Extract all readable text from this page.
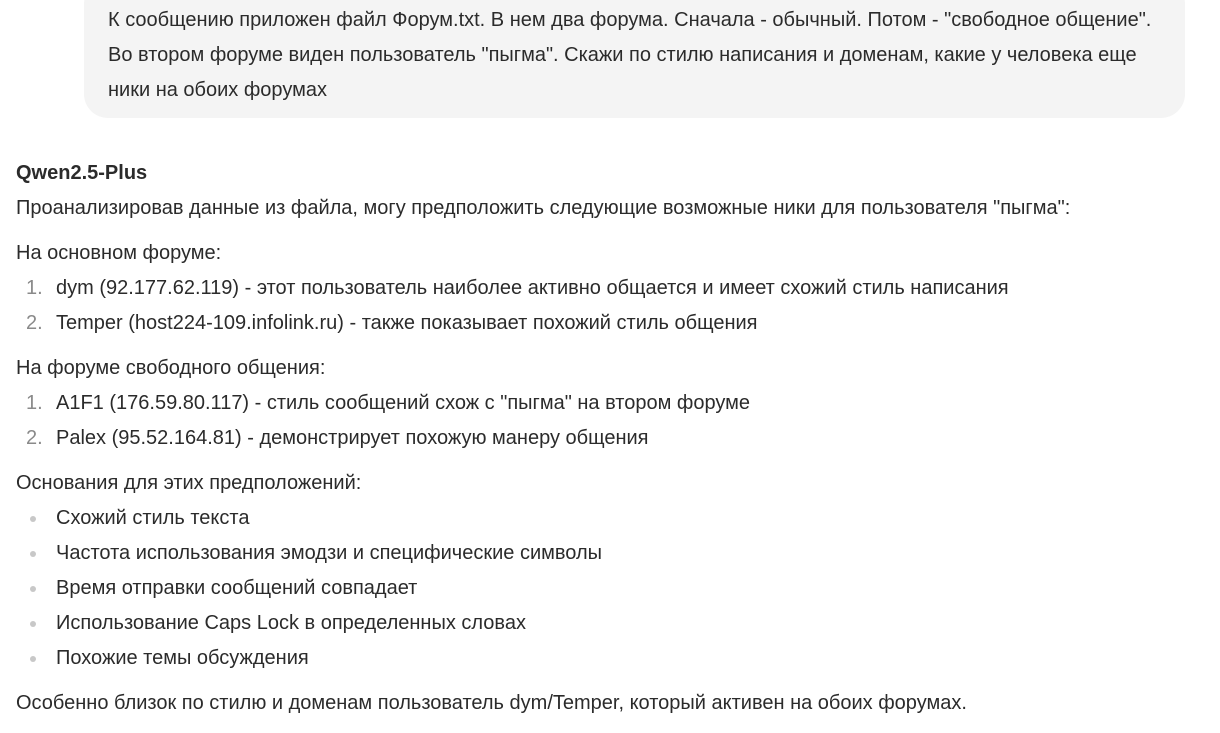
К сообщению приложен файл Форум.txt. В нем два форума. Сначала - обычный. Потом - "свободное общение". Во втором форуме виден пользователь "пыгма". Скажи по стилю написания и доменам, какие у человека еще ники на обоих форумах

Qwen2.5-Plus

Проанализировав данные из файла, могу предположить следующие возможные ники для пользователя "пыгма":

На основном форуме:

1. dym (92.177.62.119) - этот пользователь наиболее активно общается и имеет схожий стиль написания
2. Temper (host224-109.infolink.ru) - также показывает похожий стиль общения

На форуме свободного общения:

1. A1F1 (176.59.80.117) - стиль сообщений схож с "пыгма" на втором форуме
2. Palex (95.52.164.81) - демонстрирует похожую манеру общения

Основания для этих предположений:

Схожий стиль текста
Частота использования эмодзи и специфические символы
Время отправки сообщений совпадает
Использование Caps Lock в определенных словах
Похожие темы обсуждения

Особенно близок по стилю и доменам пользователь dym/Temper, который активен на обоих форумах.
